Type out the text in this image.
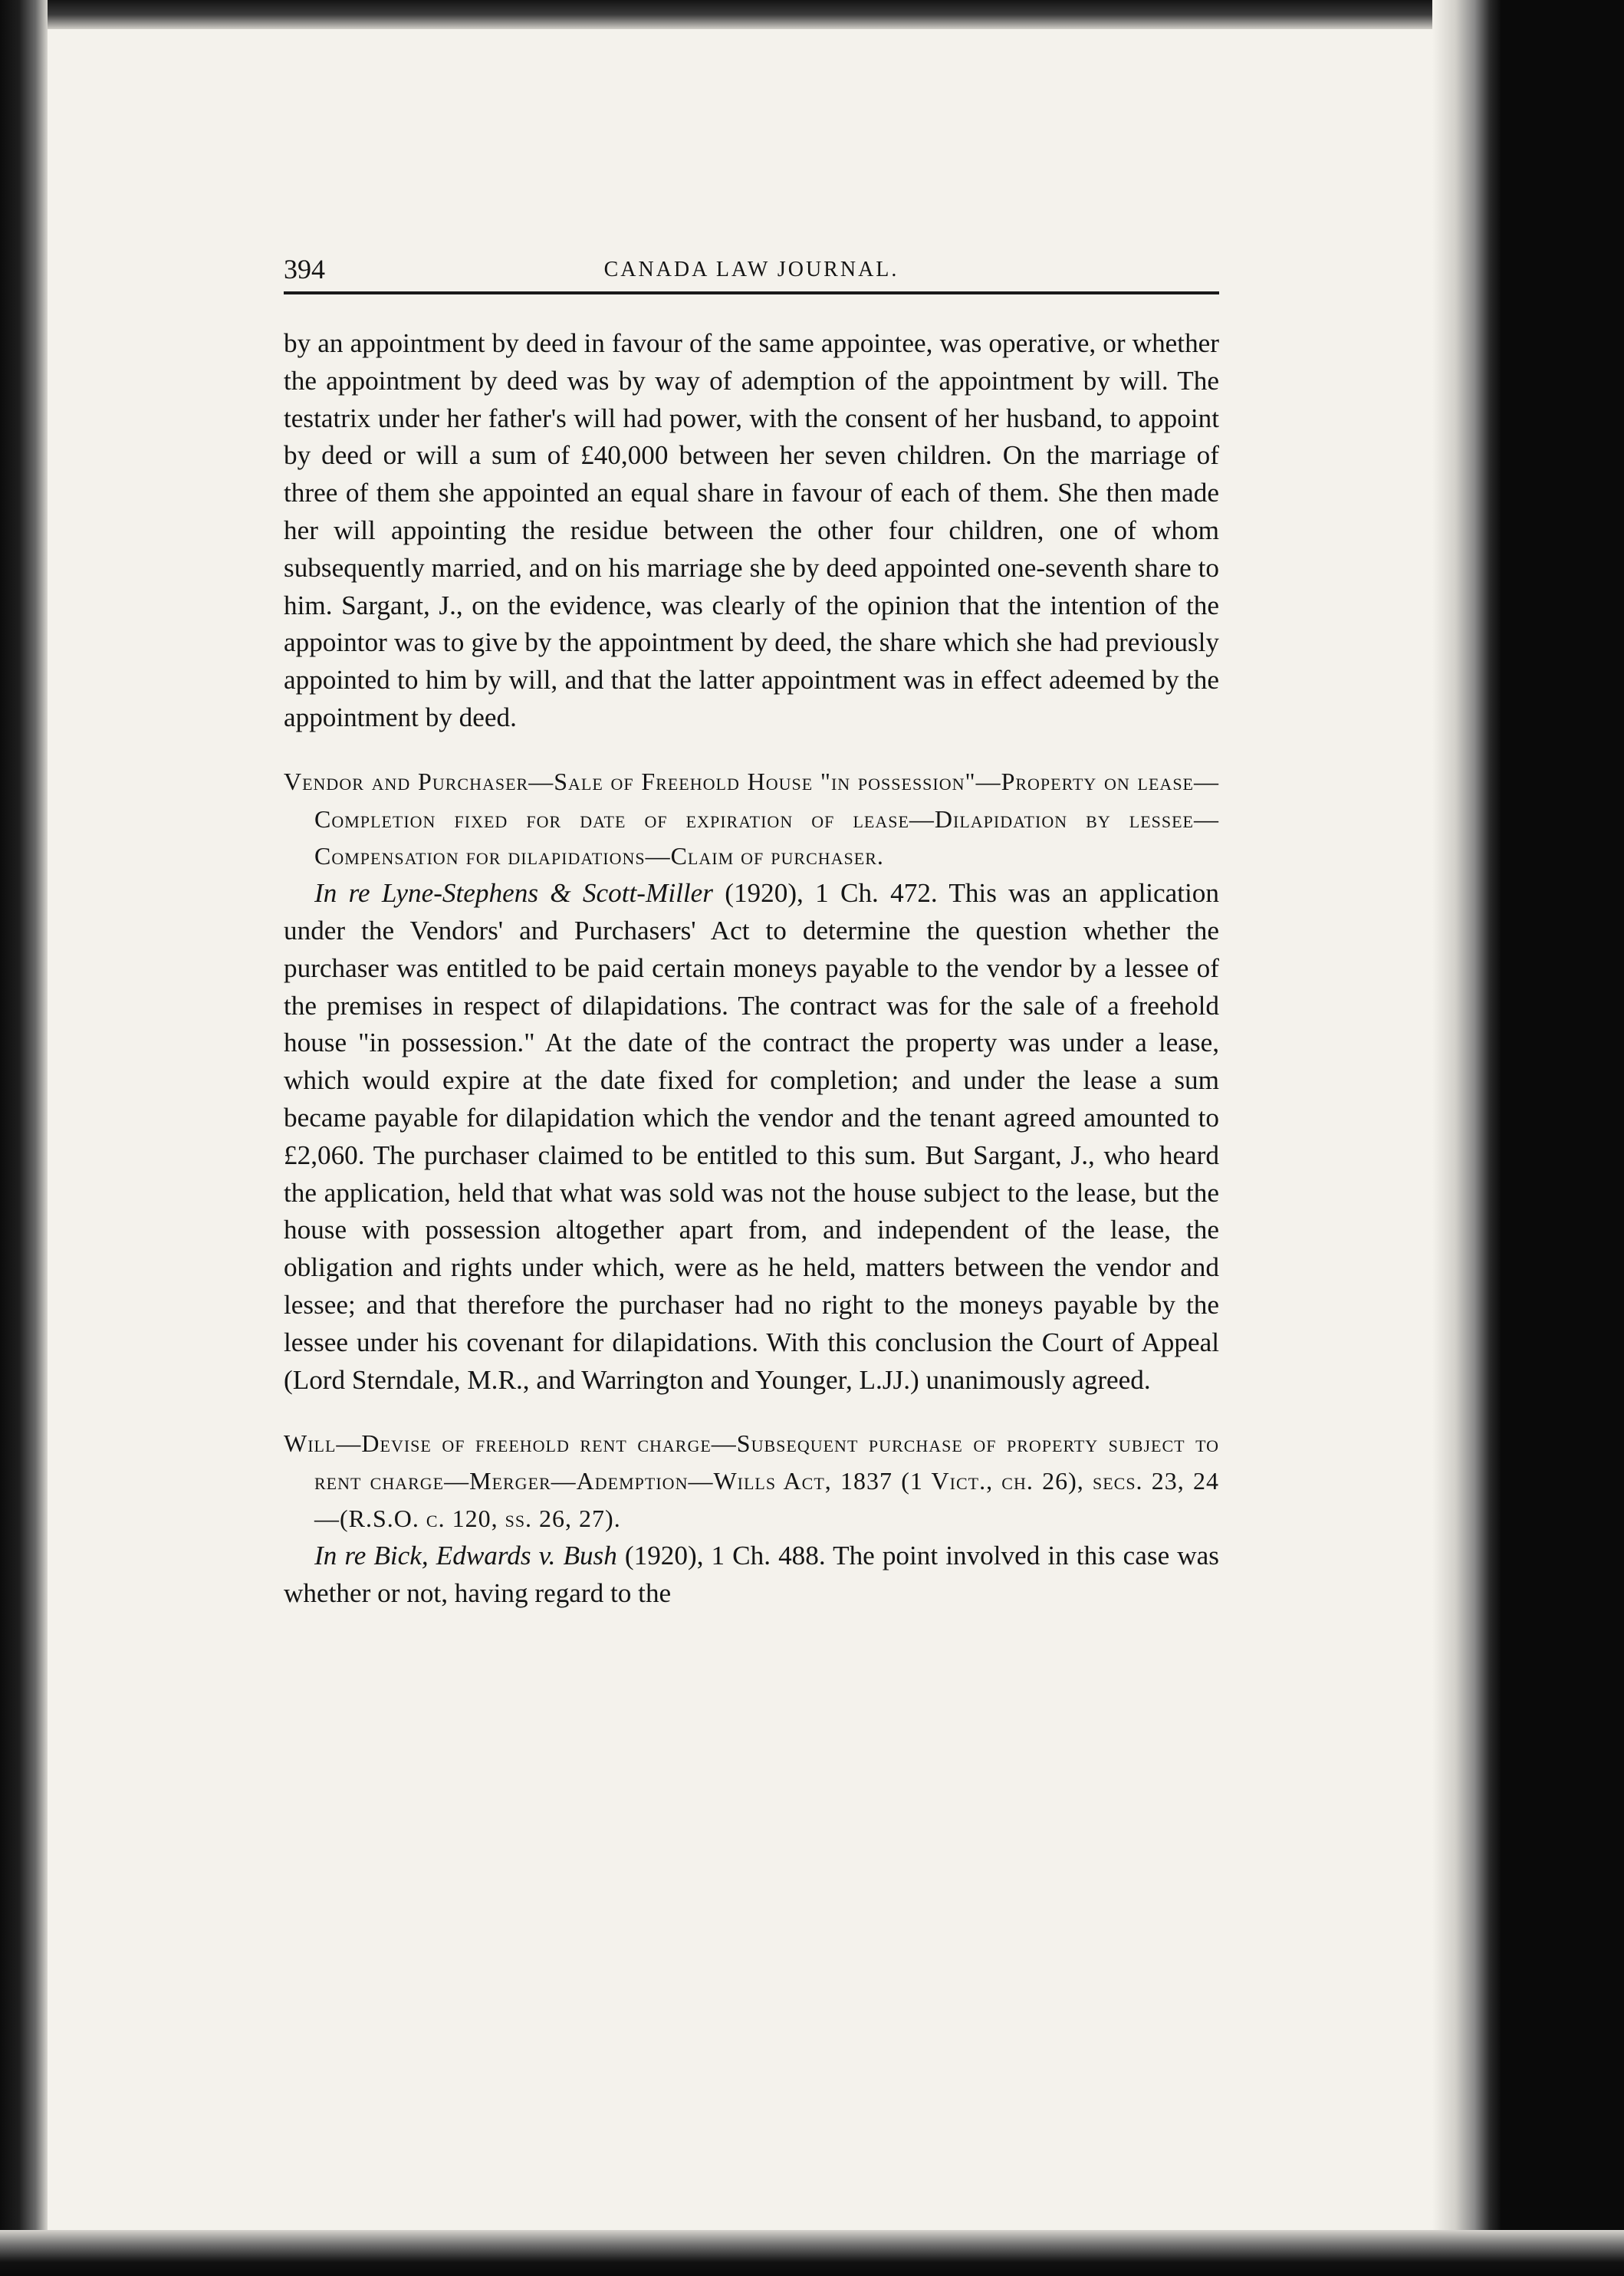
394	CANADA LAW JOURNAL.

by an appointment by deed in favour of the same appointee, was operative, or whether the appointment by deed was by way of ademption of the appointment by will. The testatrix under her father's will had power, with the consent of her husband, to appoint by deed or will a sum of £40,000 between her seven children. On the marriage of three of them she appointed an equal share in favour of each of them. She then made her will appointing the residue between the other four children, one of whom subsequently married, and on his marriage she by deed appointed one-seventh share to him. Sargant, J., on the evidence, was clearly of the opinion that the intention of the appointor was to give by the appointment by deed, the share which she had previously appointed to him by will, and that the latter appointment was in effect adeemed by the appointment by deed.

Vendor and Purchaser—Sale of Freehold House "in possession"—Property on lease—Completion fixed for date of expiration of lease—Dilapidation by lessee—Compensation for dilapidations—Claim of purchaser.

In re Lyne-Stephens & Scott-Miller (1920), 1 Ch. 472. This was an application under the Vendors' and Purchasers' Act to determine the question whether the purchaser was entitled to be paid certain moneys payable to the vendor by a lessee of the premises in respect of dilapidations. The contract was for the sale of a freehold house "in possession." At the date of the contract the property was under a lease, which would expire at the date fixed for completion; and under the lease a sum became payable for dilapidation which the vendor and the tenant agreed amounted to £2,060. The purchaser claimed to be entitled to this sum. But Sargant, J., who heard the application, held that what was sold was not the house subject to the lease, but the house with possession altogether apart from, and independent of the lease, the obligation and rights under which, were as he held, matters between the vendor and lessee; and that therefore the purchaser had no right to the moneys payable by the lessee under his covenant for dilapidations. With this conclusion the Court of Appeal (Lord Sterndale, M.R., and Warrington and Younger, L.JJ.) unanimously agreed.

Will—Devise of freehold rent charge—Subsequent purchase of property subject to rent charge—Merger—Ademption—Wills Act, 1837 (1 Vict., ch. 26), secs. 23, 24 —(R.S.O. c. 120, ss. 26, 27).

In re Bick, Edwards v. Bush (1920), 1 Ch. 488. The point involved in this case was whether or not, having regard to the
